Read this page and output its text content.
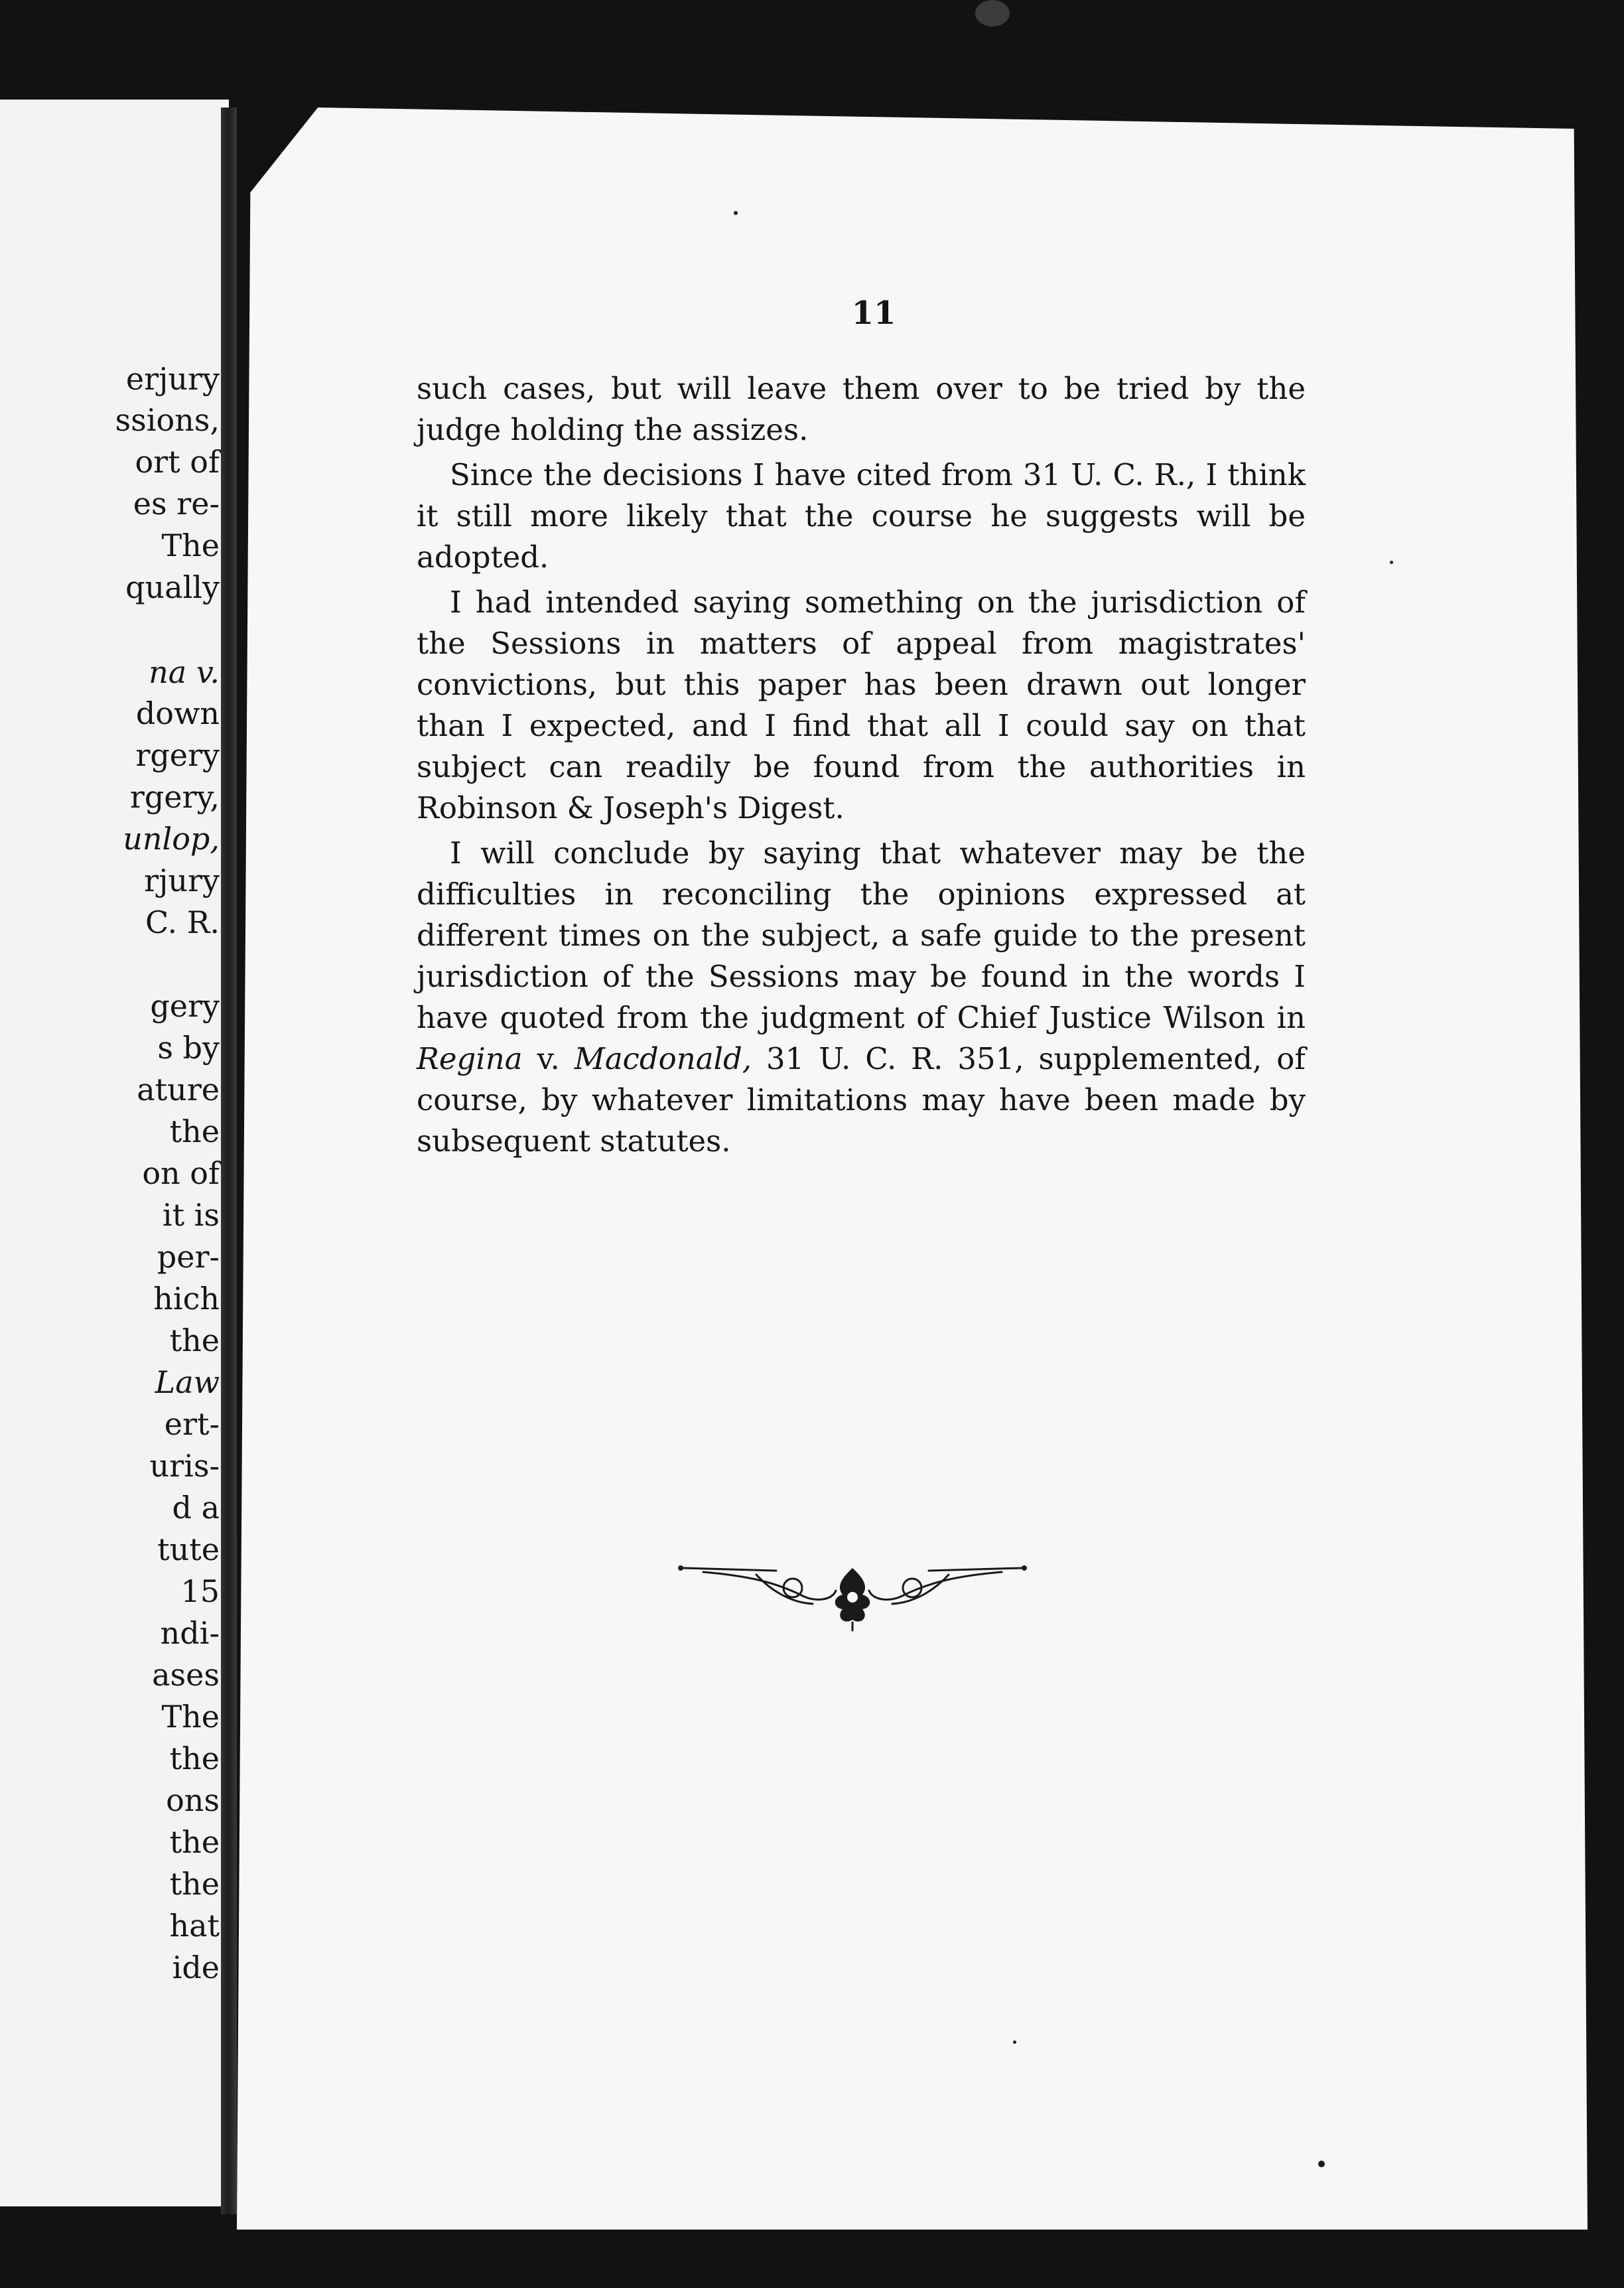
erjury
ssions,
ort of
es re-
The
qually
na v.
down
rgery
rgery,
unlop,
rjury
C. R.
gery
s by
ature
the
on of
it is
per-
hich
the
Law
ert-
uris-
d a
tute
15
ndi-
ases
The
the
ons
the
the
hat
ide
11

such cases, but will leave them over to be tried by the judge holding the assizes.

Since the decisions I have cited from 31 U. C. R., I think it still more likely that the course he suggests will be adopted.

I had intended saying something on the jurisdiction of the Sessions in matters of appeal from magistrates' convictions, but this paper has been drawn out longer than I expected, and I find that all I could say on that subject can readily be found from the authorities in Robinson & Joseph's Digest.

I will conclude by saying that whatever may be the difficulties in reconciling the opinions expressed at different times on the subject, a safe guide to the present jurisdiction of the Sessions may be found in the words I have quoted from the judgment of Chief Justice Wilson in Regina v. Macdonald, 31 U. C. R. 351, supplemented, of course, by whatever limitations may have been made by subsequent statutes.
